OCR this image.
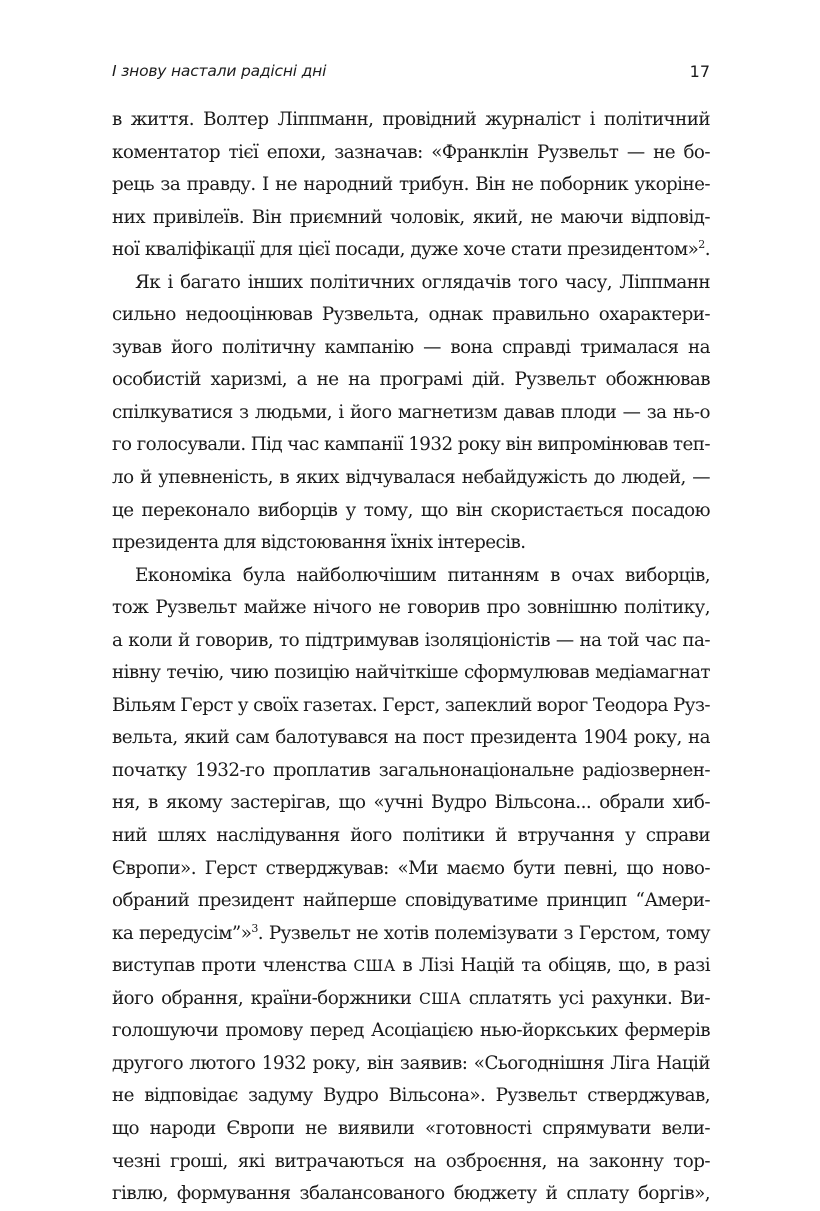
І знову настали радісні дні	17
в життя. Волтер Ліппманн, провідний журналіст і політичний
коментатор тієї епохи, зазначав: «Франклін Рузвельт — не бо-
рець за правду. І не народний трибун. Він не поборник укорінe-
них привілеїв. Він приємний чоловік, який, не маючи відповід-
ної кваліфікації для цієї посади, дуже хоче стати президентом»$^2$.
Як і багато інших політичних оглядачів того часу, Ліппманн
сильно недооцінював Рузвельта, однак правильно охарактери-
зував його політичну кампанію — вона справді трималася на
особистій харизмі, а не на програмі дій. Рузвельт обожнював
спілкуватися з людьми, і його магнетизм давав плоди — за нь-о
го голосували. Під час кампанії 1932 року він випромінював теп-
ло й упевненість, в яких відчувалася небайдужість до людей, —
це переконало виборців у тому, що він скористається посадою
президента для відстоювання їхніх інтересів.
Економіка була найболючішим питанням в очах виборців,
тож Рузвельт майже нічого не говорив про зовнішню політику,
а коли й говорив, то підтримував ізоляціоністів — на той час па-
нівну течію, чию позицію найчіткіше сформулював медіамагнат
Вільям Герст у своїх газетах. Герст, запеклий ворог Теодора Руз-
вельта, який сам балотувався на пост президента 1904 року, на
початку 1932-го проплатив загальнонаціональне радіозвернен-
ня, в якому застерігав, що «учні Вудро Вільсона... обрали хиб-
ний шлях наслідування його політики й втручання у справи
Європи». Герст стверджував: «Ми маємо бути певні, що ново-
обраний президент найперше сповідуватиме принцип “Амери-
ка передусім”»$^3$. Рузвельт не хотів полемізувати з Герстом, тому
виступав проти членства США в Лізі Націй та обіцяв, що, в разі
його обрання, країни-боржники США сплатять усі рахунки. Ви-
голошуючи промову перед Асоціацією нью-йоркських фермерів
другого лютого 1932 року, він заявив: «Сьогоднішня Ліга Націй
не відповідає задуму Вудро Вільсона». Рузвельт стверджував,
що народи Європи не виявили «готовності спрямувати вели-
чезні гроші, які витрачаються на озброєння, на законну тор-
гівлю, формування збалансованого бюджету й сплату боргів»,
